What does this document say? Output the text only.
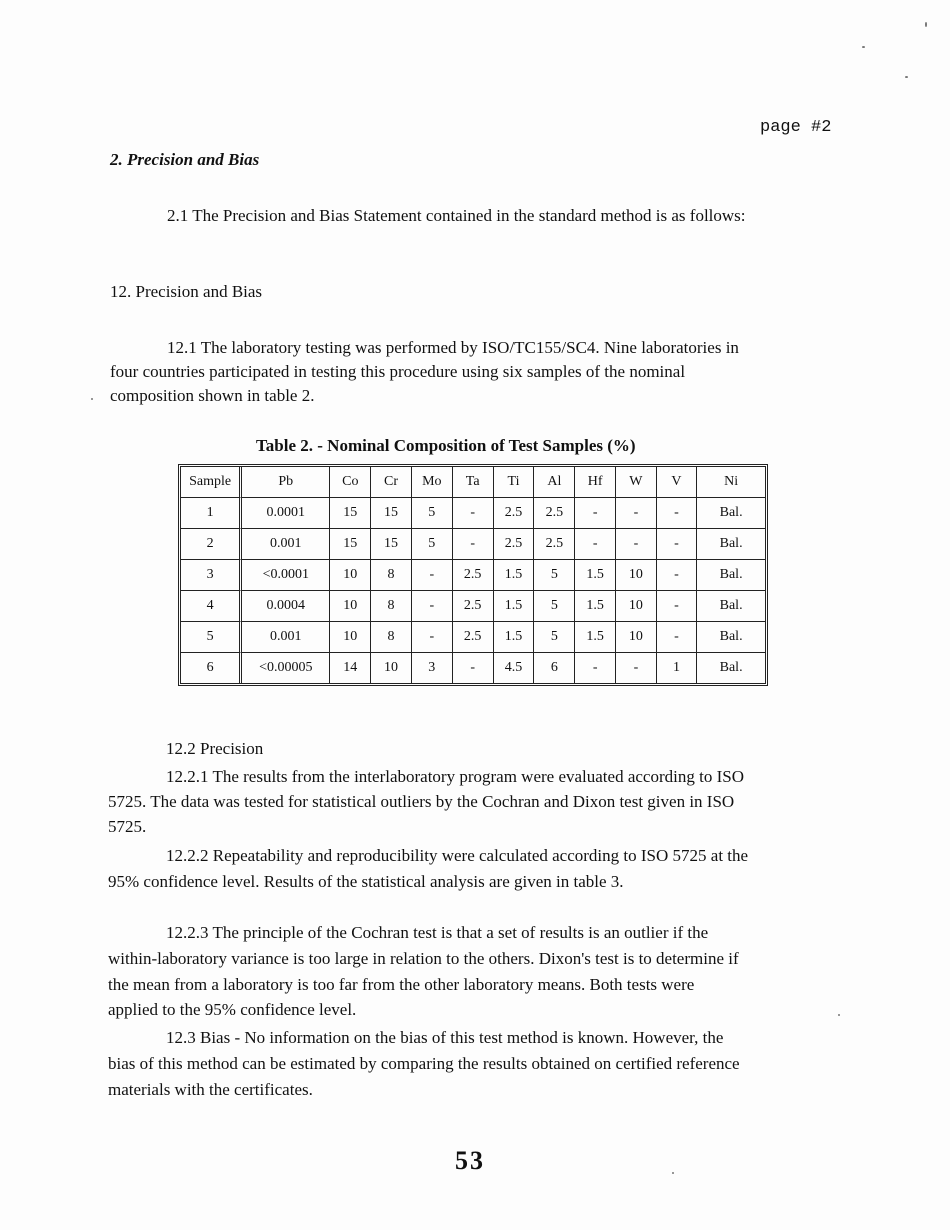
page #2
2. Precision and Bias
2.1 The Precision and Bias Statement contained in the standard method is as follows:
12. Precision and Bias
12.1 The laboratory testing was performed by ISO/TC155/SC4. Nine laboratories in
four countries participated in testing this procedure using six samples of the nominal
composition shown in table 2.
Table 2. - Nominal Composition of Test Samples (%)
Sample	Pb	Co	Cr	Mo	Ta	Ti	Al	Hf	W	V	Ni
1	0.0001	15	15	5	-	2.5	2.5	-	-	-	Bal.
2	0.001	15	15	5	-	2.5	2.5	-	-	-	Bal.
3	<0.0001	10	8	-	2.5	1.5	5	1.5	10	-	Bal.
4	0.0004	10	8	-	2.5	1.5	5	1.5	10	-	Bal.
5	0.001	10	8	-	2.5	1.5	5	1.5	10	-	Bal.
6	<0.00005	14	10	3	-	4.5	6	-	-	1	Bal.
12.2 Precision
12.2.1 The results from the interlaboratory program were evaluated according to ISO
5725. The data was tested for statistical outliers by the Cochran and Dixon test given in ISO
5725.
12.2.2 Repeatability and reproducibility were calculated according to ISO 5725 at the
95% confidence level. Results of the statistical analysis are given in table 3.
12.2.3 The principle of the Cochran test is that a set of results is an outlier if the
within-laboratory variance is too large in relation to the others. Dixon's test is to determine if
the mean from a laboratory is too far from the other laboratory means. Both tests were
applied to the 95% confidence level.
12.3 Bias - No information on the bias of this test method is known. However, the
bias of this method can be estimated by comparing the results obtained on certified reference
materials with the certificates.
53
